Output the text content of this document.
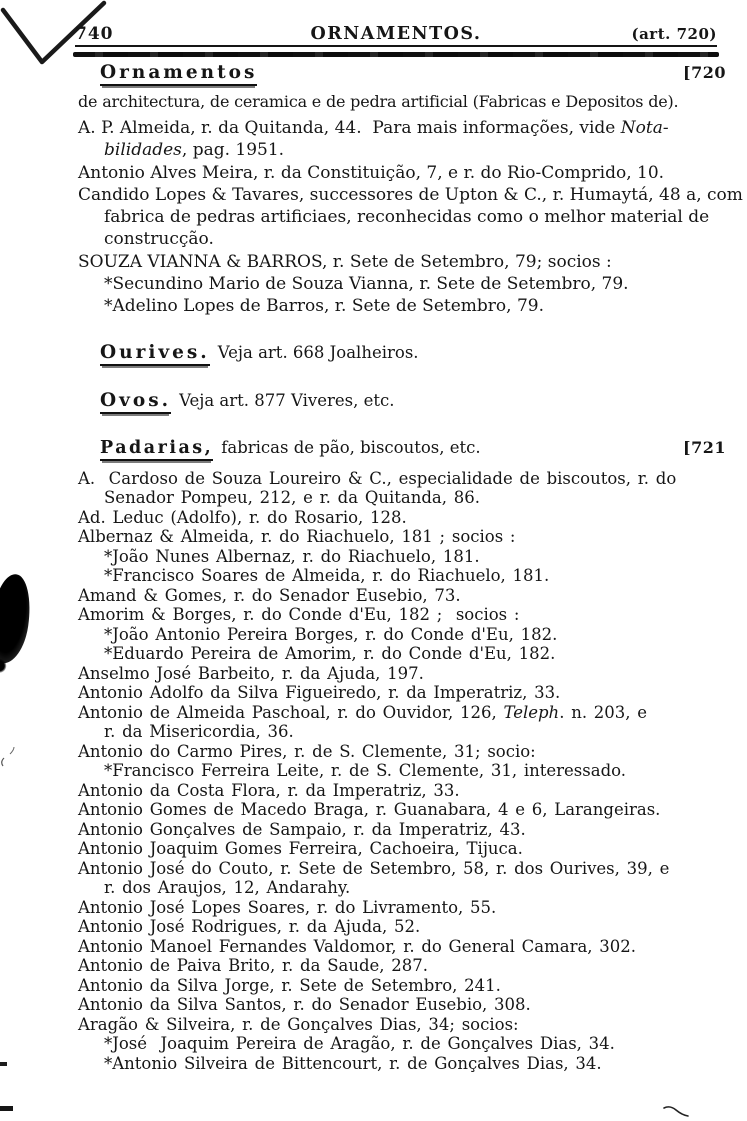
740	ORNAMENTOS.	(art. 720)
Ornamentos	[720
de architectura, de ceramica e de pedra artificial (Fabricas e Depositos de).
A. P. Almeida, r. da Quitanda, 44.  Para mais informações, vide Nota-
bilidades, pag. 1951.
Antonio Alves Meira, r. da Constituição, 7, e r. do Rio-Comprido, 10.
Candido Lopes & Tavares, successores de Upton & C., r. Humaytá, 48 a, com
fabrica de pedras artificiaes, reconhecidas como o melhor material de
construcção.
SOUZA VIANNA & BARROS, r. Sete de Setembro, 79; socios :
*Secundino Mario de Souza Vianna, r. Sete de Setembro, 79.
*Adelino Lopes de Barros, r. Sete de Setembro, 79.
Ourives. Veja art. 668 Joalheiros.
Ovos. Veja art. 877 Viveres, etc.
Padarias, fabricas de pão, biscoutos, etc.	[721
A.  Cardoso de Souza Loureiro & C., especialidade de biscoutos, r. do
Senador Pompeu, 212, e r. da Quitanda, 86.
Ad. Leduc (Adolfo), r. do Rosario, 128.
Albernaz & Almeida, r. do Riachuelo, 181 ; socios :
*João Nunes Albernaz, r. do Riachuelo, 181.
*Francisco Soares de Almeida, r. do Riachuelo, 181.
Amand & Gomes, r. do Senador Eusebio, 73.
Amorim & Borges, r. do Conde d'Eu, 182 ;  socios :
*João Antonio Pereira Borges, r. do Conde d'Eu, 182.
*Eduardo Pereira de Amorim, r. do Conde d'Eu, 182.
Anselmo José Barbeito, r. da Ajuda, 197.
Antonio Adolfo da Silva Figueiredo, r. da Imperatriz, 33.
Antonio de Almeida Paschoal, r. do Ouvidor, 126, Teleph. n. 203, e
r. da Misericordia, 36.
Antonio do Carmo Pires, r. de S. Clemente, 31; socio:
*Francisco Ferreira Leite, r. de S. Clemente, 31, interessado.
Antonio da Costa Flora, r. da Imperatriz, 33.
Antonio Gomes de Macedo Braga, r. Guanabara, 4 e 6, Larangeiras.
Antonio Gonçalves de Sampaio, r. da Imperatriz, 43.
Antonio Joaquim Gomes Ferreira, Cachoeira, Tijuca.
Antonio José do Couto, r. Sete de Setembro, 58, r. dos Ourives, 39, e
r. dos Araujos, 12, Andarahy.
Antonio José Lopes Soares, r. do Livramento, 55.
Antonio José Rodrigues, r. da Ajuda, 52.
Antonio Manoel Fernandes Valdomor, r. do General Camara, 302.
Antonio de Paiva Brito, r. da Saude, 287.
Antonio da Silva Jorge, r. Sete de Setembro, 241.
Antonio da Silva Santos, r. do Senador Eusebio, 308.
Aragão & Silveira, r. de Gonçalves Dias, 34; socios:
*José  Joaquim Pereira de Aragão, r. de Gonçalves Dias, 34.
*Antonio Silveira de Bittencourt, r. de Gonçalves Dias, 34.
